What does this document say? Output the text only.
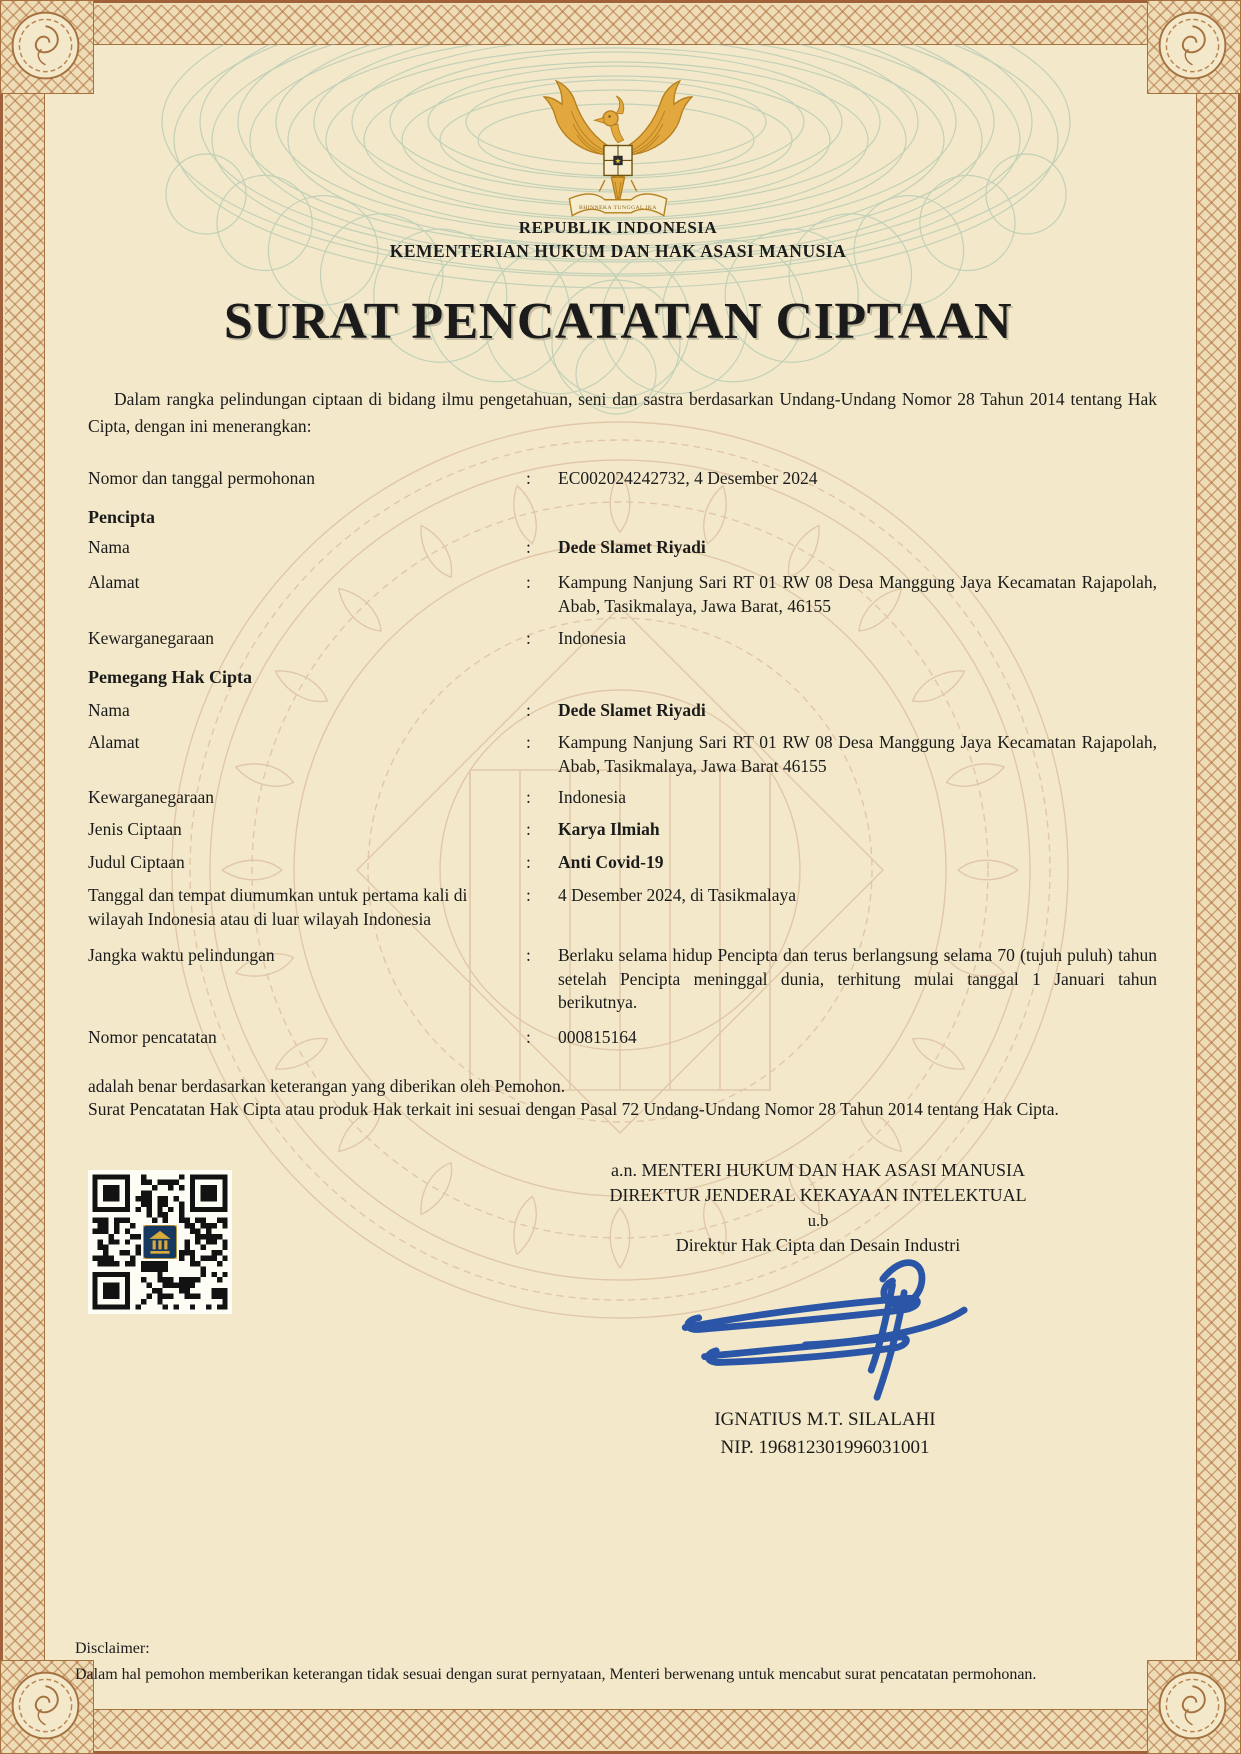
★
BHINNEKA TUNGGAL IKA
REPUBLIK INDONESIA
KEMENTERIAN HUKUM DAN HAK ASASI MANUSIA
SURAT PENCATATAN CIPTAAN
Dalam rangka pelindungan ciptaan di bidang ilmu pengetahuan, seni dan sastra berdasarkan Undang-Undang Nomor 28 Tahun 2014 tentang Hak Cipta, dengan ini menerangkan:
Nomor dan tanggal permohonan	:	EC002024242732, 4 Desember 2024
Pencipta
Nama	:	Dede Slamet Riyadi
Alamat	:	Kampung Nanjung Sari RT 01 RW 08 Desa Manggung Jaya Kecamatan Rajapolah, Abab, Tasikmalaya, Jawa Barat, 46155
Kewarganegaraan	:	Indonesia
Pemegang Hak Cipta
Nama	:	Dede Slamet Riyadi
Alamat	:	Kampung Nanjung Sari RT 01 RW 08 Desa Manggung Jaya Kecamatan Rajapolah, Abab, Tasikmalaya, Jawa Barat 46155
Kewarganegaraan	:	Indonesia
Jenis Ciptaan	:	Karya Ilmiah
Judul Ciptaan	:	Anti Covid-19
Tanggal dan tempat diumumkan untuk pertama kali di wilayah Indonesia atau di luar wilayah Indonesia
:	4 Desember 2024, di Tasikmalaya
Jangka waktu pelindungan	:	Berlaku selama hidup Pencipta dan terus berlangsung selama 70 (tujuh puluh) tahun setelah Pencipta meninggal dunia, terhitung mulai tanggal 1 Januari tahun berikutnya.
Nomor pencatatan	:	000815164
adalah benar berdasarkan keterangan yang diberikan oleh Pemohon.
Surat Pencatatan Hak Cipta atau produk Hak terkait ini sesuai dengan Pasal 72 Undang-Undang Nomor 28 Tahun 2014 tentang Hak Cipta.
a.n. MENTERI HUKUM DAN HAK ASASI MANUSIA
DIREKTUR JENDERAL KEKAYAAN INTELEKTUAL
u.b
Direktur Hak Cipta dan Desain Industri
IGNATIUS M.T. SILALAHI
NIP. 196812301996031001
Disclaimer:
Dalam hal pemohon memberikan keterangan tidak sesuai dengan surat pernyataan, Menteri berwenang untuk mencabut surat pencatatan permohonan.
